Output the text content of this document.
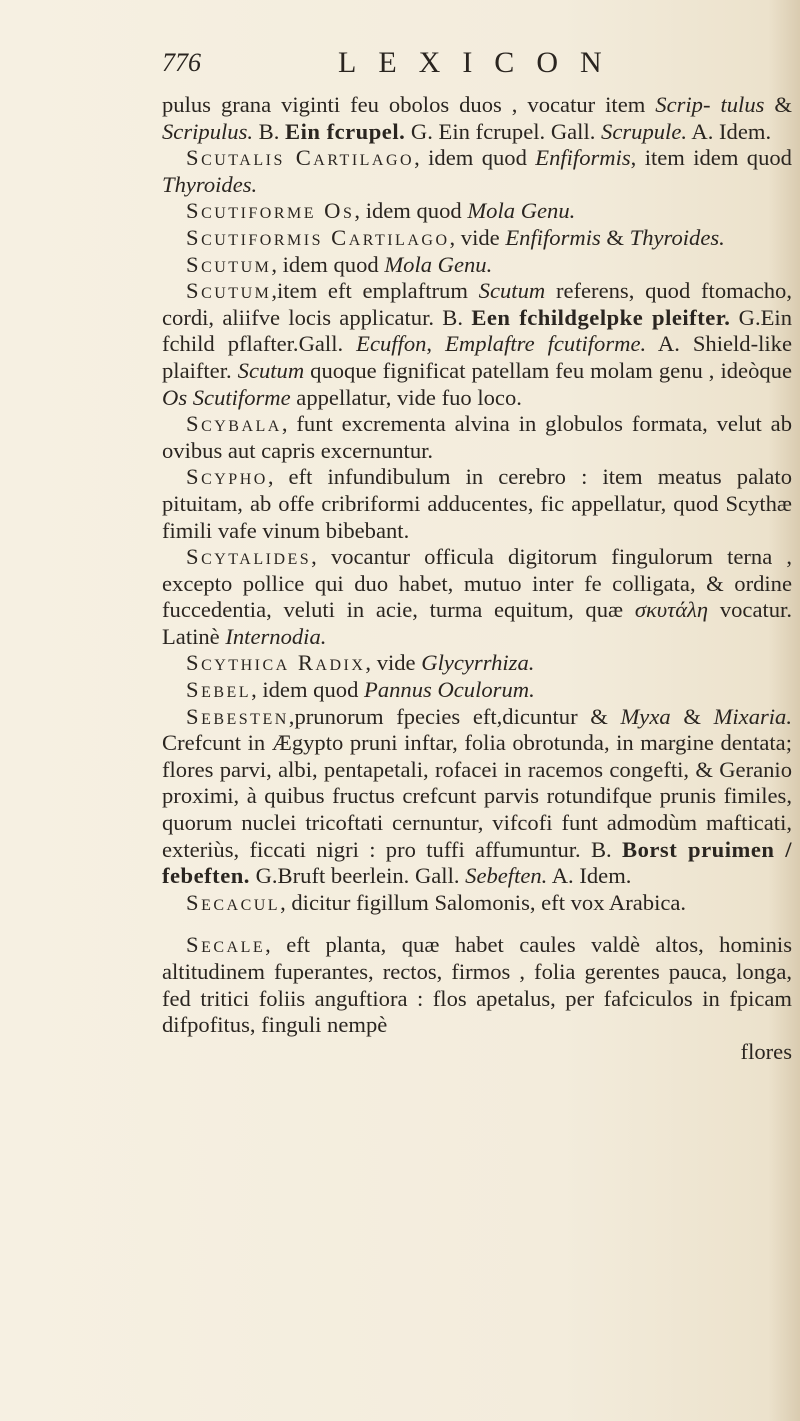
776	LEXICON

pulus grana viginti feu obolos duos , vocatur item Scrip- tulus & Scripulus. B. Ein fcrupel. G. Ein fcrupel. Gall. Scrupule. A. Idem.

Scutalis Cartilago, idem quod Enfiformis, item idem quod Thyroides.

Scutiforme Os, idem quod Mola Genu.

Scutiformis Cartilago, vide Enfiformis & Thyroides.

Scutum, idem quod Mola Genu.

Scutum,item eft emplaftrum Scutum referens, quod ftomacho, cordi, aliifve locis applicatur. B. Een fchildgelpke pleifter. G.Ein fchild pflafter.Gall. Ecuffon, Emplaftre fcutiforme. A. Shield-like plaifter. Scutum quoque fignificat patellam feu molam genu , ideòque Os Scutiforme appellatur, vide fuo loco.

Scybala, funt excrementa alvina in globulos formata, velut ab ovibus aut capris excernuntur.

Scypho, eft infundibulum in cerebro : item meatus palato pituitam, ab offe cribriformi adducentes, fic appellatur, quod Scythæ fimili vafe vinum bibebant.

Scytalides, vocantur officula digitorum fingulorum terna , excepto pollice qui duo habet, mutuo inter fe colligata, & ordine fuccedentia, veluti in acie, turma equitum, quæ σκυτάλη vocatur. Latinè Internodia.

Scythica Radix, vide Glycyrrhiza.

Sebel, idem quod Pannus Oculorum.

Sebesten,prunorum fpecies eft,dicuntur & Myxa & Mixaria. Crefcunt in Ægypto pruni inftar, folia obrotunda, in margine dentata; flores parvi, albi, pentapetali, rofacei in racemos congefti, & Geranio proximi, à quibus fructus crefcunt parvis rotundifque prunis fimiles, quorum nuclei tricoftati cernuntur, vifcofi funt admodùm mafticati, exteriùs, ficcati nigri : pro tuffi affumuntur. B. Borst pruimen / febeften. G.Bruft beerlein. Gall. Sebeften. A. Idem.

Secacul, dicitur figillum Salomonis, eft vox Arabica.

Secale, eft planta, quæ habet caules valdè altos, hominis altitudinem fuperantes, rectos, firmos , folia gerentes pauca, longa, fed tritici foliis anguftiora : flos apetalus, per fafciculos in fpicam difpofitus, finguli nempè

flores
